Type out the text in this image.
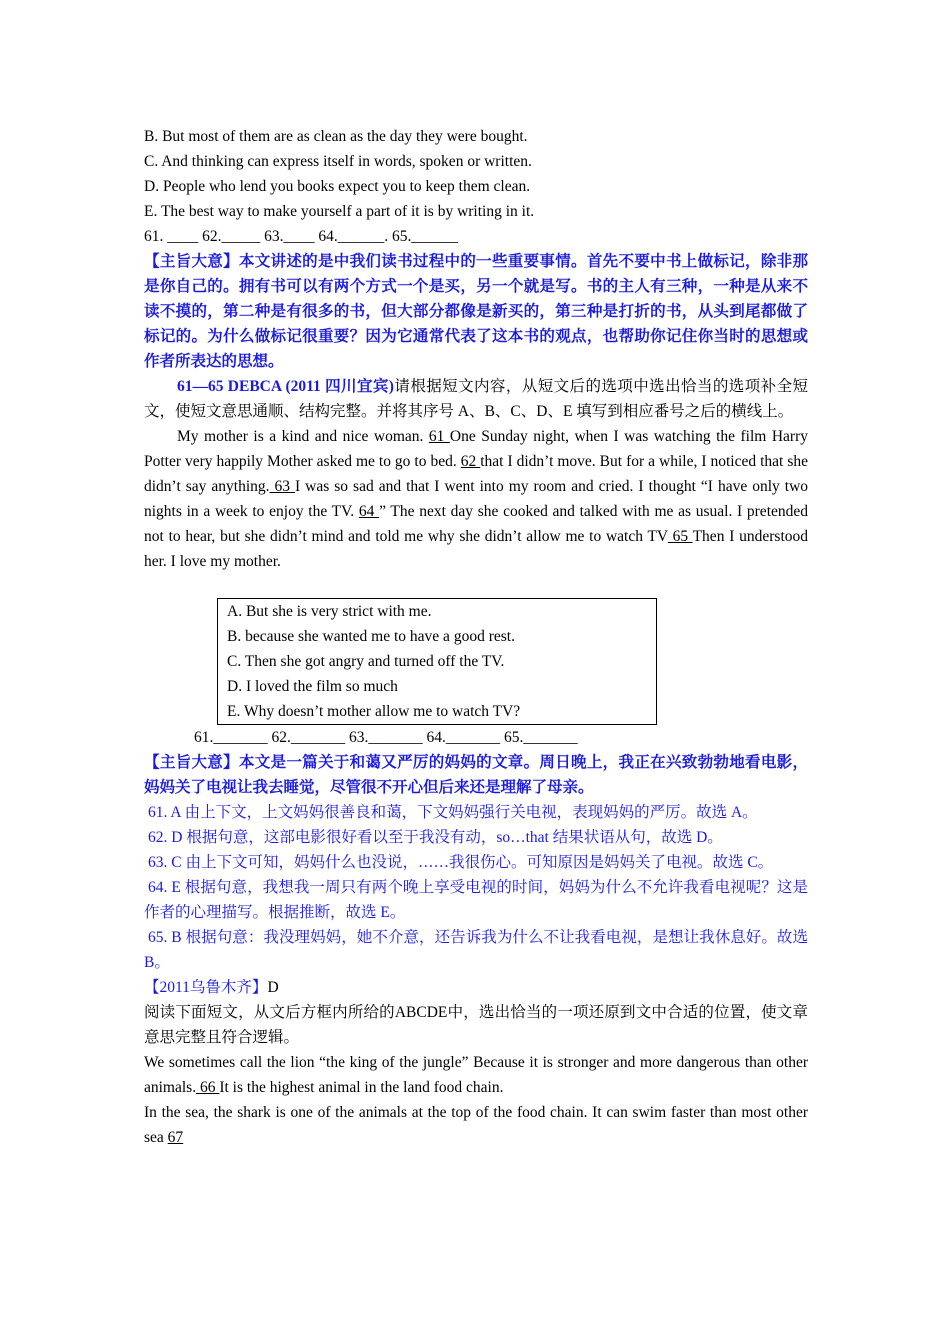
B. But most of them are as clean as the day they were bought.
C. And thinking can express itself in words, spoken or written.
D. People who lend you books expect you to keep them clean.
E. The best way to make yourself a part of it is by writing in it.
61. ____ 62._____ 63.____ 64.______. 65.______
【主旨大意】本文讲述的是中我们读书过程中的一些重要事情。首先不要中书上做标记，除非那是你自己的。拥有书可以有两个方式一个是买，另一个就是写。书的主人有三种，一种是从来不读不摸的，第二种是有很多的书，但大部分都像是新买的，第三种是打折的书，从头到尾都做了标记的。为什么做标记很重要？因为它通常代表了这本书的观点，也帮助你记住你当时的思想或作者所表达的思想。
61—65 DEBCA (2011 四川宜宾)请根据短文内容，从短文后的选项中选出恰当的选项补全短文，使短文意思通顺、结构完整。并将其序号 A、B、C、D、E 填写到相应番号之后的横线上。
My mother is a kind and nice woman. 61 One Sunday night, when I was watching the film Harry Potter very happily Mother asked me to go to bed. 62 that I didn’t move. But for a while, I noticed that she didn’t say anything. 63 I was so sad and that I went into my room and cried. I thought “I have only two nights in a week to enjoy the TV. 64 ” The next day she cooked and talked with me as usual. I pretended not to hear, but she didn’t mind and told me why she didn’t allow me to watch TV 65 Then I understood her. I love my mother.
A. But she is very strict with me.
B. because she wanted me to have a good rest.
C. Then she got angry and turned off the TV.
D. I loved the film so much
E. Why doesn’t mother allow me to watch TV?
61._______ 62._______ 63._______ 64._______ 65._______
【主旨大意】本文是一篇关于和蔼又严厉的妈妈的文章。周日晚上，我正在兴致勃勃地看电影，妈妈关了电视让我去睡觉，尽管很不开心但后来还是理解了母亲。
61. A 由上下文，上文妈妈很善良和蔼，下文妈妈强行关电视，表现妈妈的严厉。故选 A。
62. D 根据句意，这部电影很好看以至于我没有动，so…that 结果状语从句，故选 D。
63. C 由上下文可知，妈妈什么也没说，……我很伤心。可知原因是妈妈关了电视。故选 C。
64. E 根据句意，我想我一周只有两个晚上享受电视的时间，妈妈为什么不允许我看电视呢？这是作者的心理描写。根据推断，故选 E。
65. B 根据句意：我没理妈妈，她不介意，还告诉我为什么不让我看电视，是想让我休息好。故选 B。
【2011乌鲁木齐】D
阅读下面短文，从文后方框内所给的ABCDE中，选出恰当的一项还原到文中合适的位置，使文章意思完整且符合逻辑。
We sometimes call the lion “the king of the jungle” Because it is stronger and more dangerous than other animals. 66 It is the highest animal in the land food chain.
In the sea, the shark is one of the animals at the top of the food chain. It can swim faster than most other sea 67
